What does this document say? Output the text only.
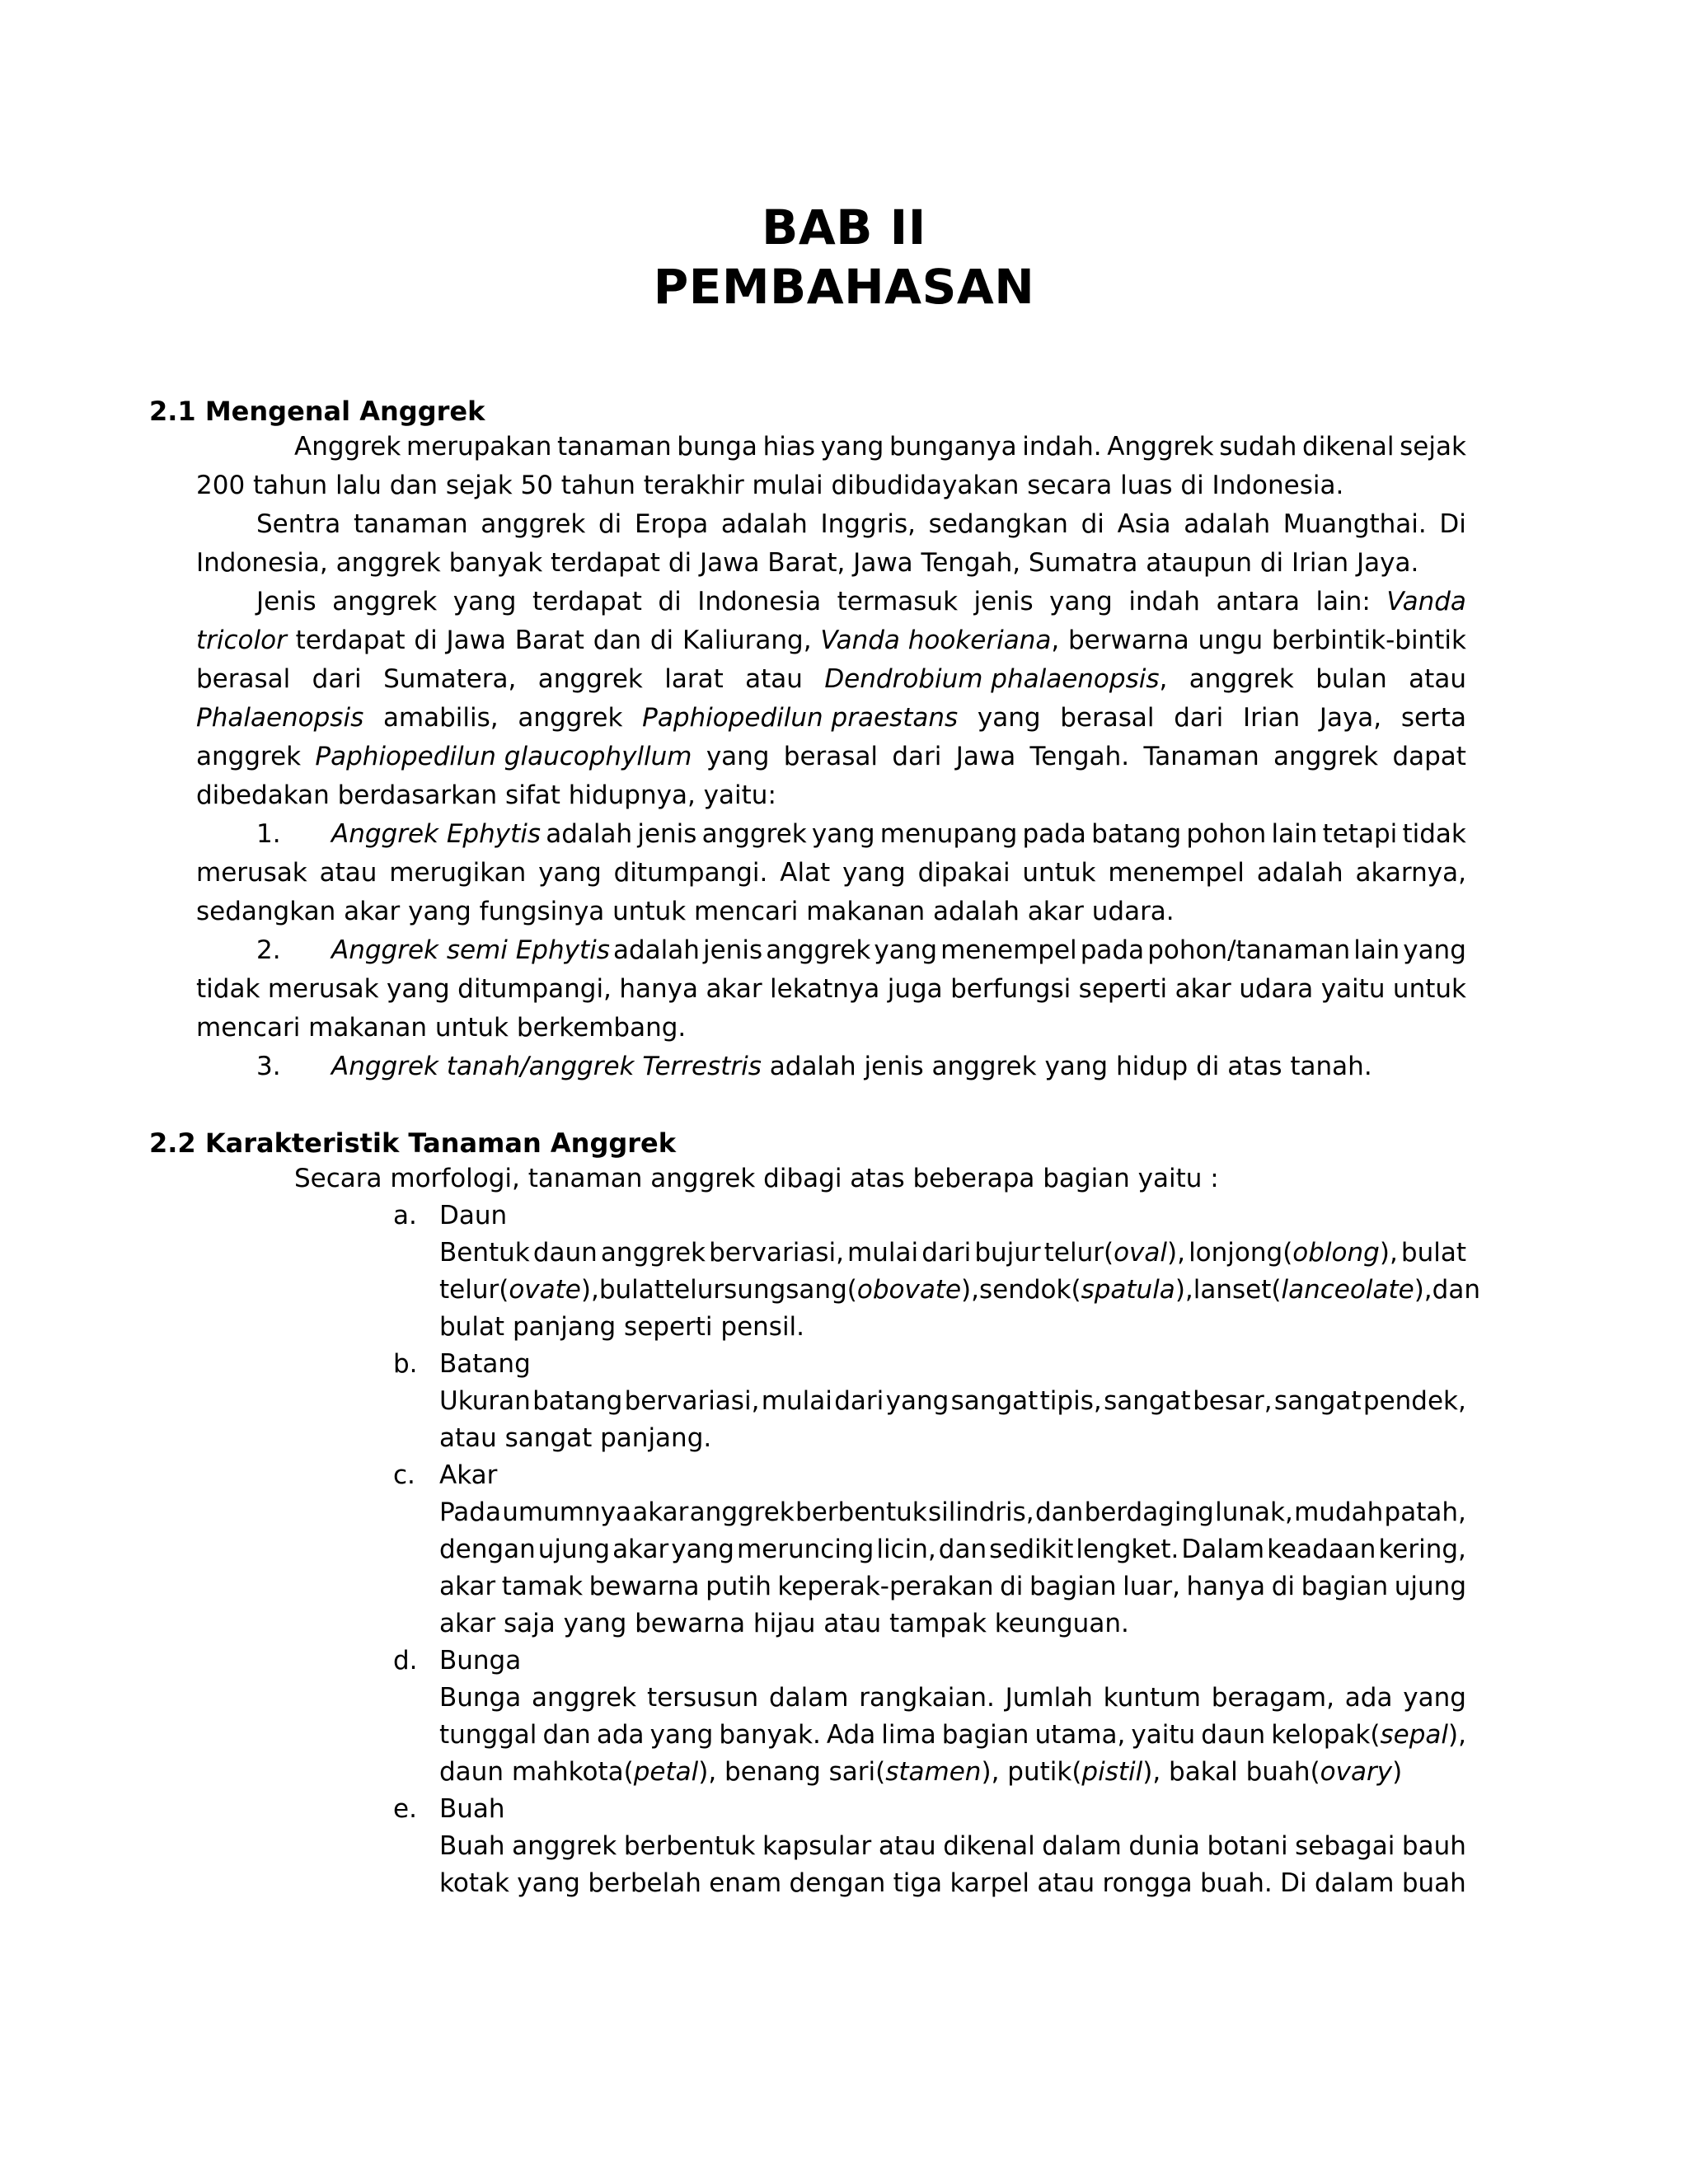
BAB II
PEMBAHASAN
2.1 Mengenal Anggrek
Anggrek merupakan tanaman bunga hias yang bunganya indah. Anggrek sudah dikenal sejak
200 tahun lalu dan sejak 50 tahun terakhir mulai dibudidayakan secara luas di Indonesia.
Sentra tanaman anggrek di Eropa adalah Inggris, sedangkan di Asia adalah Muangthai. Di
Indonesia, anggrek banyak terdapat di Jawa Barat, Jawa Tengah, Sumatra ataupun di Irian Jaya.
Jenis anggrek yang terdapat di Indonesia termasuk jenis yang indah antara lain: Vanda
tricolor terdapat di Jawa Barat dan di Kaliurang, Vanda hookeriana, berwarna ungu berbintik-bintik
berasal dari Sumatera, anggrek larat atau Dendrobium phalaenopsis, anggrek bulan atau
Phalaenopsis amabilis, anggrek Paphiopedilun praestans yang berasal dari Irian Jaya, serta
anggrek Paphiopedilun glaucophyllum yang berasal dari Jawa Tengah. Tanaman anggrek dapat
dibedakan berdasarkan sifat hidupnya, yaitu:
1. Anggrek Ephytis adalah jenis anggrek yang menupang pada batang pohon lain tetapi tidak
merusak atau merugikan yang ditumpangi. Alat yang dipakai untuk menempel adalah akarnya,
sedangkan akar yang fungsinya untuk mencari makanan adalah akar udara.
2. Anggrek semi Ephytis adalah jenis anggrek yang menempel pada pohon/tanaman lain yang
tidak merusak yang ditumpangi, hanya akar lekatnya juga berfungsi seperti akar udara yaitu untuk
mencari makanan untuk berkembang.
3. Anggrek tanah/anggrek Terrestris adalah jenis anggrek yang hidup di atas tanah.
2.2 Karakteristik Tanaman Anggrek
Secara morfologi, tanaman anggrek dibagi atas beberapa bagian yaitu :
a. Daun
Bentuk daun anggrek bervariasi, mulai dari bujur telur(oval), lonjong(oblong), bulat
telur(ovate), bulat telur sungsang(obovate), sendok(spatula), lanset(lanceolate), dan
bulat panjang seperti pensil.
b. Batang
Ukuran batang bervariasi, mulai dari yang sangat tipis, sangat besar, sangat pendek,
atau sangat panjang.
c. Akar
Pada umumnya akar anggrek berbentuk silindris, dan berdaging lunak, mudah patah,
dengan ujung akar yang meruncing licin, dan sedikit lengket. Dalam keadaan kering,
akar tamak bewarna putih keperak-perakan di bagian luar, hanya di bagian ujung
akar saja yang bewarna hijau atau tampak keunguan.
d. Bunga
Bunga anggrek tersusun dalam rangkaian. Jumlah kuntum beragam, ada yang
tunggal dan ada yang banyak. Ada lima bagian utama, yaitu daun kelopak(sepal),
daun mahkota(petal), benang sari(stamen), putik(pistil), bakal buah(ovary)
e. Buah
Buah anggrek berbentuk kapsular atau dikenal dalam dunia botani sebagai bauh
kotak yang berbelah enam dengan tiga karpel atau rongga buah. Di dalam buah
